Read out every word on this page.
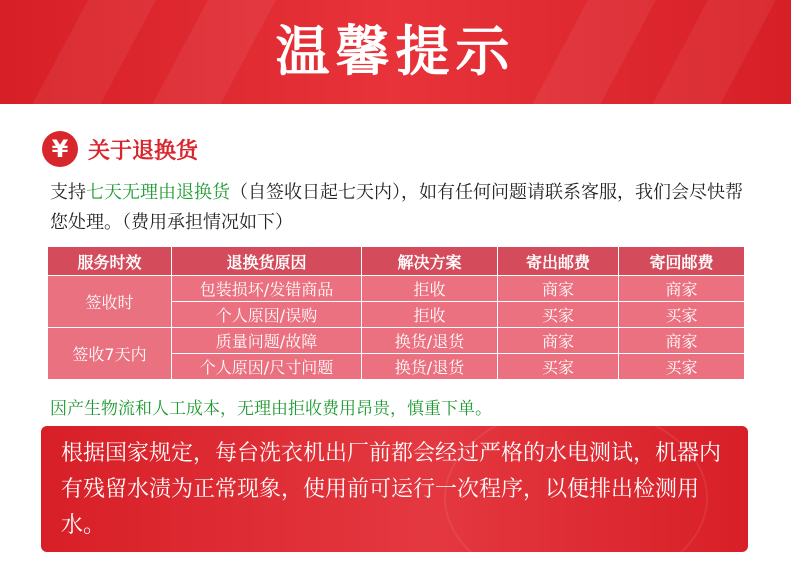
温馨提示
¥ 关于退换货
支持七天无理由退换货（自签收日起七天内），如有任何问题请联系客服，我们会尽快帮您处理。（费用承担情况如下）
服务时效	退换货原因	解决方案	寄出邮费	寄回邮费
签收时	包装损坏/发错商品	拒收	商家	商家
	个人原因/误购	拒收	买家	买家
签收7天内	质量问题/故障	换货/退货	商家	商家
	个人原因/尺寸问题	换货/退货	买家	买家
因产生物流和人工成本，无理由拒收费用昂贵，慎重下单。
根据国家规定，每台洗衣机出厂前都会经过严格的水电测试，机器内有残留水渍为正常现象，使用前可运行一次程序，以便排出检测用水。
